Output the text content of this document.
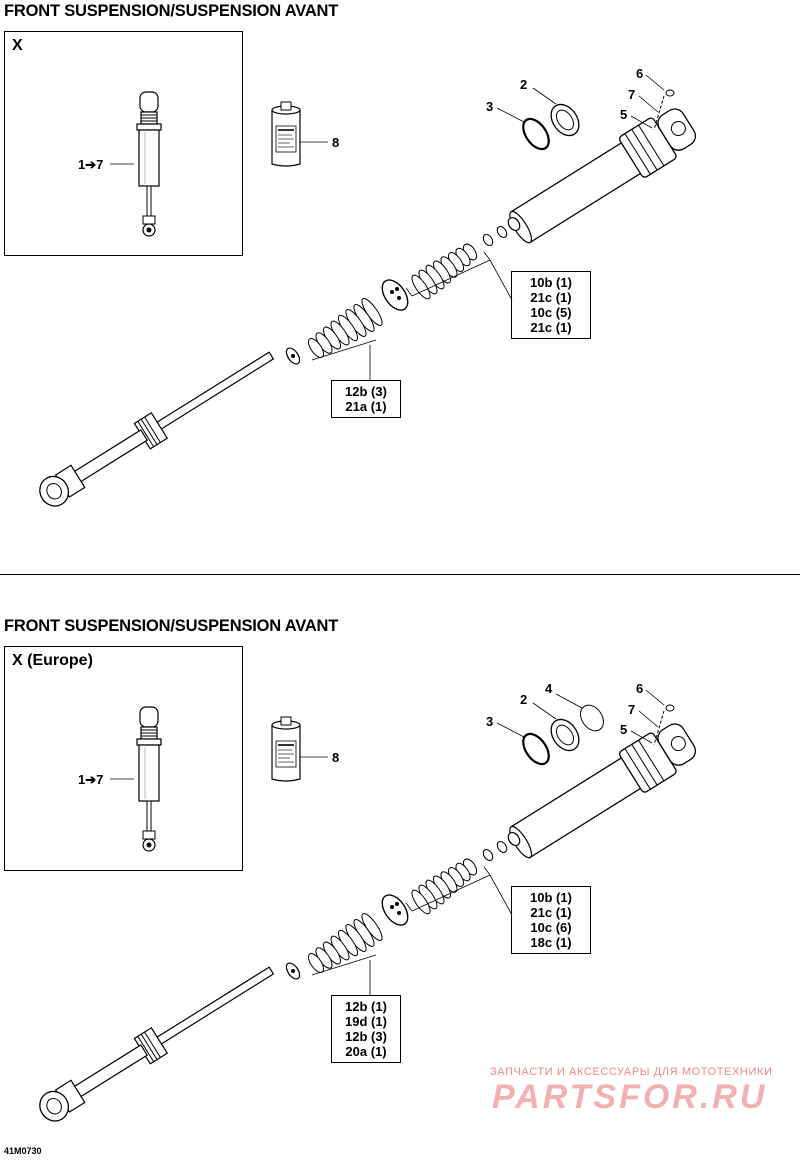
FRONT SUSPENSION/SUSPENSION AVANT
X
1➔7
2
3
5
6
7
8
10b (1)
21c (1)
10c (5)
21c (1)
12b (3)
21a (1)
FRONT SUSPENSION/SUSPENSION AVANT
X (Europe)
1➔7
2
3
4
5
6
7
8
10b (1)
21c (1)
10c (6)
18c (1)
12b (1)
19d (1)
12b (3)
20a (1)
ЗАПЧАСТИ И АКСЕССУАРЫ ДЛЯ МОТОТЕХНИКИ
PARTSFOR.RU
41M0730
